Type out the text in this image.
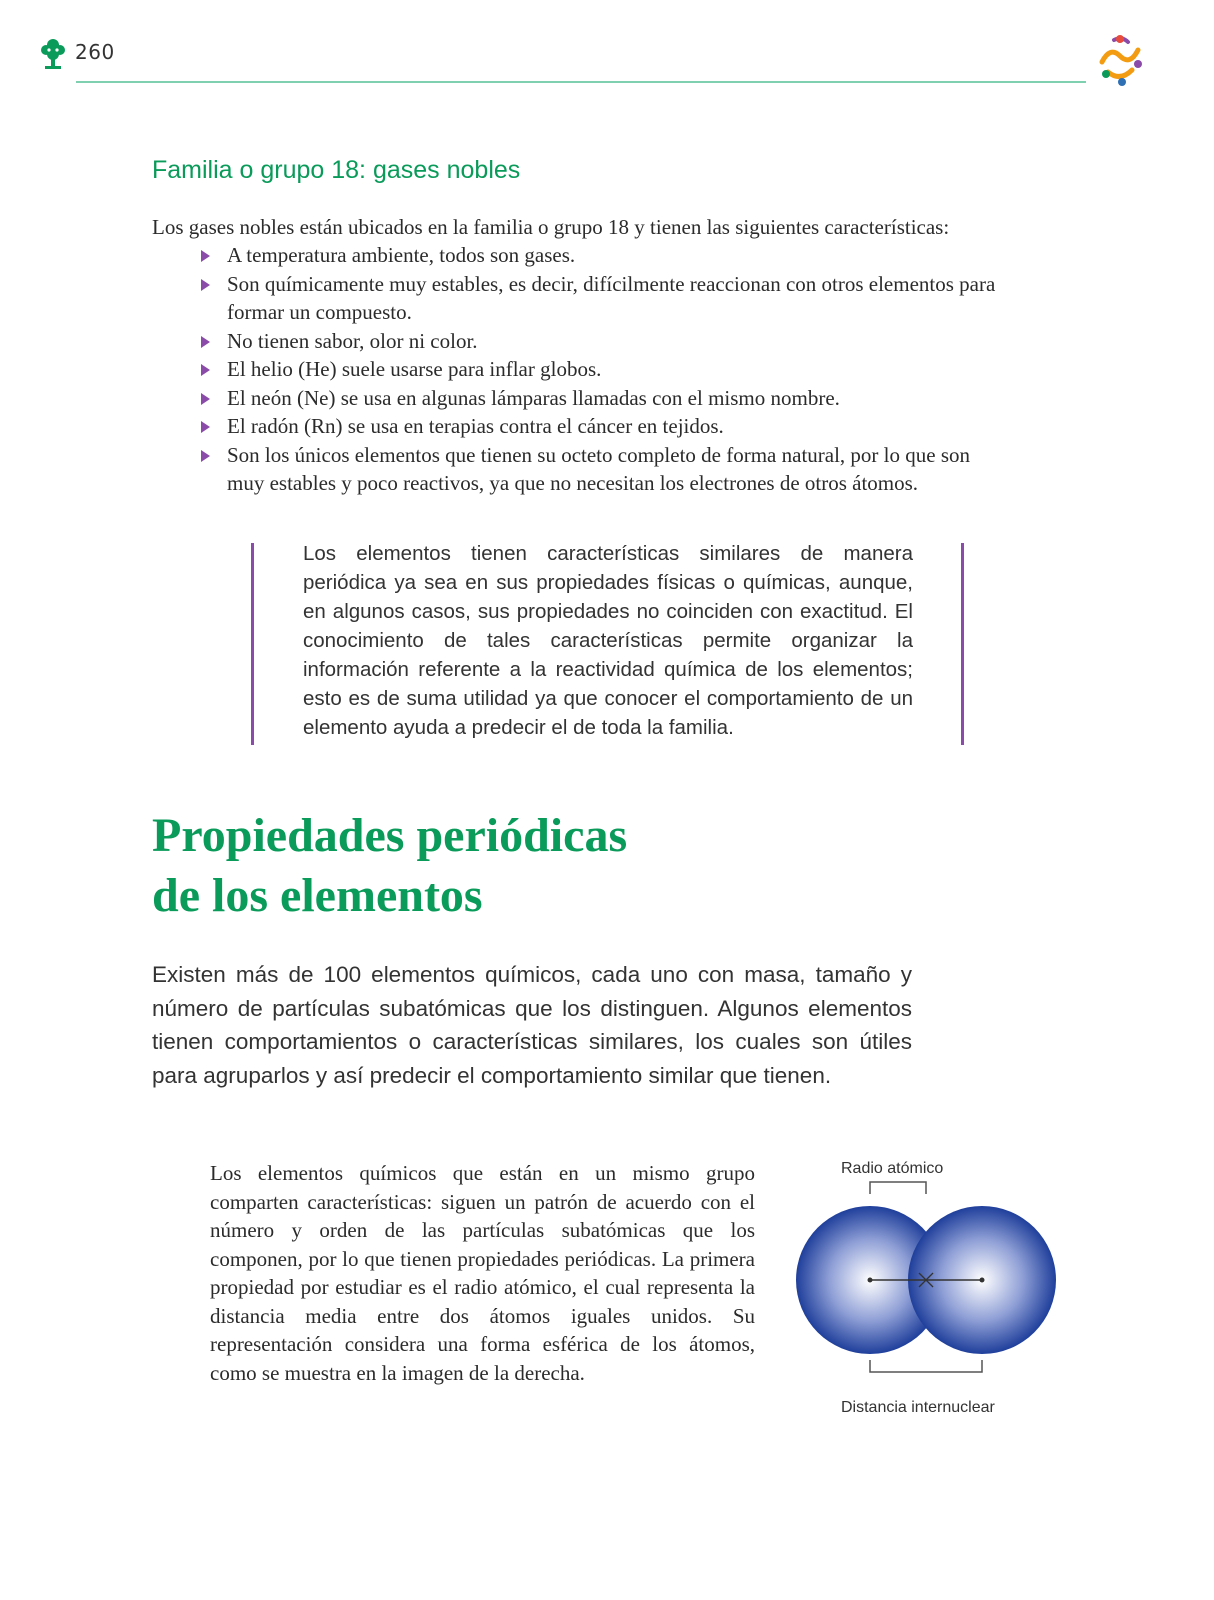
260
Familia o grupo 18: gases nobles
Los gases nobles están ubicados en la familia o grupo 18 y tienen las siguientes características:
A temperatura ambiente, todos son gases.
Son químicamente muy estables, es decir, difícilmente reaccionan con otros elementos para formar un compuesto.
No tienen sabor, olor ni color.
El helio (He) suele usarse para inflar globos.
El neón (Ne) se usa en algunas lámparas llamadas con el mismo nombre.
El radón (Rn) se usa en terapias contra el cáncer en tejidos.
Son los únicos elementos que tienen su octeto completo de forma natural, por lo que son muy estables y poco reactivos, ya que no necesitan los electrones de otros átomos.
Los elementos tienen características similares de manera periódica ya sea en sus propiedades físicas o químicas, aunque, en algunos casos, sus propiedades no coinciden con exactitud. El conocimiento de tales características permite organizar la información referente a la reactividad química de los elementos; esto es de suma utilidad ya que conocer el comportamiento de un elemento ayuda a predecir el de toda la familia.
Propiedades periódicas
de los elementos
Existen más de 100 elementos químicos, cada uno con masa, tamaño y número de partículas subatómicas que los distinguen. Algunos elementos tienen comportamientos o características similares, los cuales son útiles para agruparlos y así predecir el comportamiento similar que tienen.
Los elementos químicos que están en un mismo grupo comparten características: siguen un patrón de acuerdo con el número y orden de las partículas subatómicas que los componen, por lo que tienen propiedades periódicas. La primera propiedad por estudiar es el radio atómico, el cual representa la distancia media entre dos átomos iguales unidos. Su representación considera una forma esférica de los átomos, como se muestra en la imagen de la derecha.
Radio atómico
Distancia internuclear
